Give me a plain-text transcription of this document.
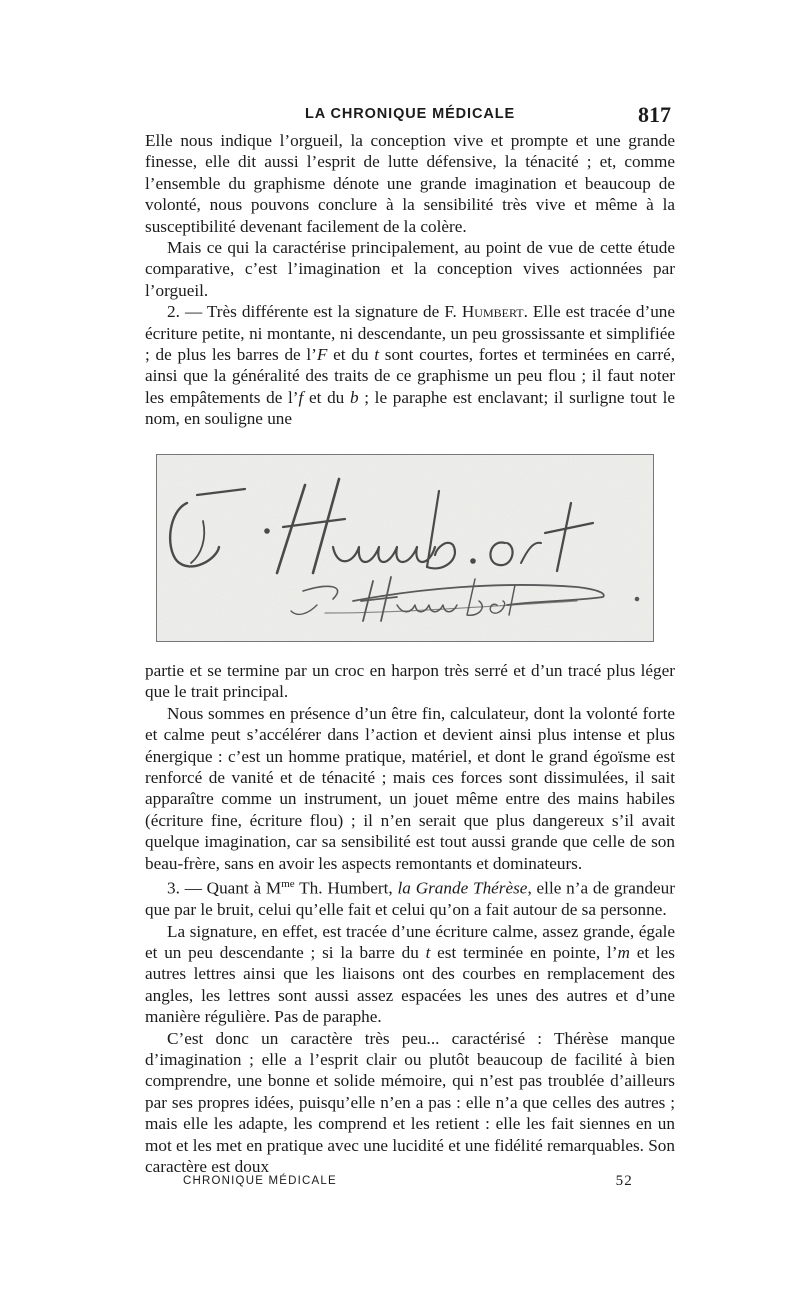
LA CHRONIQUE MÉDICALE	817

Elle nous indique l’orgueil, la conception vive et prompte et une grande finesse, elle dit aussi l’esprit de lutte défensive, la ténacité ; et, comme l’ensemble du graphisme dénote une grande imagination et beaucoup de volonté, nous pouvons conclure à la sensibilité très vive et même à la susceptibilité devenant facilement de la colère.

Mais ce qui la caractérise principalement, au point de vue de cette étude comparative, c’est l’imagination et la conception vives actionnées par l’orgueil.

2. — Très différente est la signature de F. Humbert. Elle est tracée d’une écriture petite, ni montante, ni descendante, un peu grossissante et simplifiée ; de plus les barres de l’F et du t sont courtes, fortes et terminées en carré, ainsi que la généralité des traits de ce graphisme un peu flou ; il faut noter les empâtements de l’f et du b ; le paraphe est enclavant; il surligne tout le nom, en souligne une

partie et se termine par un croc en harpon très serré et d’un tracé plus léger que le trait principal.

Nous sommes en présence d’un être fin, calculateur, dont la volonté forte et calme peut s’accélérer dans l’action et devient ainsi plus intense et plus énergique : c’est un homme pratique, matériel, et dont le grand égoïsme est renforcé de vanité et de ténacité ; mais ces forces sont dissimulées, il sait apparaître comme un instrument, un jouet même entre des mains habiles (écriture fine, écriture flou) ; il n’en serait que plus dangereux s’il avait quelque imagination, car sa sensibilité est tout aussi grande que celle de son beau-frère, sans en avoir les aspects remontants et dominateurs.

3. — Quant à $M^{me}$ Th. Humbert, la Grande Thérèse, elle n’a de grandeur que par le bruit, celui qu’elle fait et celui qu’on a fait autour de sa personne.

La signature, en effet, est tracée d’une écriture calme, assez grande, égale et un peu descendante ; si la barre du t est terminée en pointe, l’m et les autres lettres ainsi que les liaisons ont des courbes en remplacement des angles, les lettres sont aussi assez espacées les unes des autres et d’une manière régulière. Pas de paraphe.

C’est donc un caractère très peu... caractérisé : Thérèse manque d’imagination ; elle a l’esprit clair ou plutôt beaucoup de facilité à bien comprendre, une bonne et solide mémoire, qui n’est pas troublée d’ailleurs par ses propres idées, puisqu’elle n’en a pas : elle n’a que celles des autres ; mais elle les adapte, les comprend et les retient : elle les fait siennes en un mot et les met en pratique avec une lucidité et une fidélité remarquables. Son caractère est doux

CHRONIQUE MÉDICALE	52
